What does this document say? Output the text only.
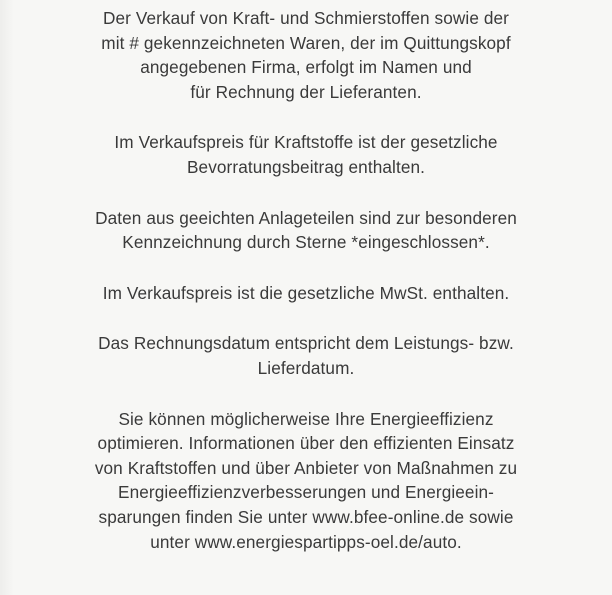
Der Verkauf von Kraft- und Schmierstoffen sowie der
mit # gekennzeichneten Waren, der im Quittungskopf
angegebenen Firma, erfolgt im Namen und
für Rechnung der Lieferanten.

Im Verkaufspreis für Kraftstoffe ist der gesetzliche
Bevorratungsbeitrag enthalten.

Daten aus geeichten Anlageteilen sind zur besonderen
Kennzeichnung durch Sterne *eingeschlossen*.

Im Verkaufspreis ist die gesetzliche MwSt. enthalten.

Das Rechnungsdatum entspricht dem Leistungs- bzw.
Lieferdatum.

Sie können möglicherweise Ihre Energieeffizienz
optimieren. Informationen über den effizienten Einsatz
von Kraftstoffen und über Anbieter von Maßnahmen zu
Energieeffizienzverbesserungen und Energieein-
sparungen finden Sie unter www.bfee-online.de sowie
unter www.energiespartipps-oel.de/auto.
